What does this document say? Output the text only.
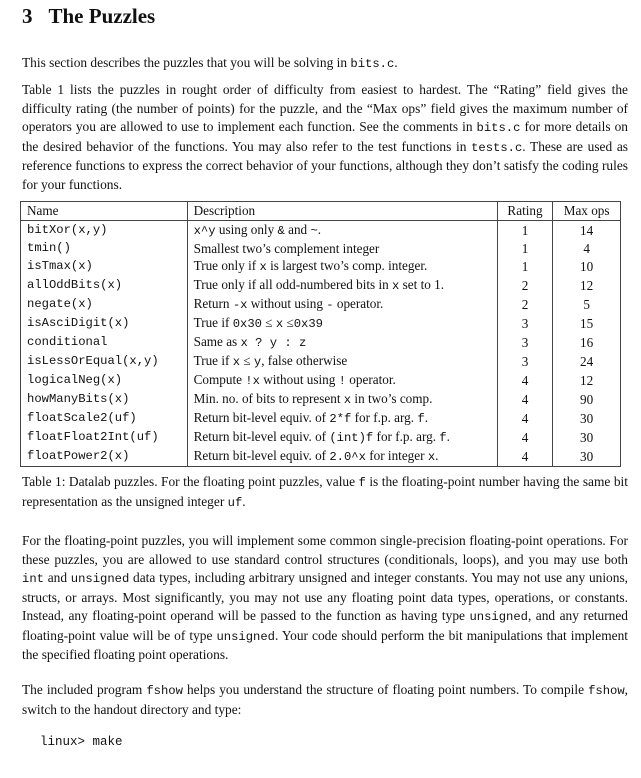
3 The Puzzles

This section describes the puzzles that you will be solving in bits.c.

Table 1 lists the puzzles in rought order of difficulty from easiest to hardest. The “Rating” field gives the difficulty rating (the number of points) for the puzzle, and the “Max ops” field gives the maximum number of operators you are allowed to use to implement each function. See the comments in bits.c for more details on the desired behavior of the functions. You may also refer to the test functions in tests.c. These are used as reference functions to express the correct behavior of your functions, although they don’t satisfy the coding rules for your functions.

Name	Description	Rating	Max ops
bitXor(x,y)	x^y using only & and ~.	1	14
tmin()	Smallest two’s complement integer	1	4
isTmax(x)	True only if x is largest two’s comp. integer.	1	10
allOddBits(x)	True only if all odd-numbered bits in x set to 1.	2	12
negate(x)	Return -x without using - operator.	2	5
isAsciDigit(x)	True if 0x30 ≤ x ≤0x39	3	15
conditional	Same as x ? y : z	3	16
isLessOrEqual(x,y)	True if x ≤ y, false otherwise	3	24
logicalNeg(x)	Compute !x without using ! operator.	4	12
howManyBits(x)	Min. no. of bits to represent x in two’s comp.	4	90
floatScale2(uf)	Return bit-level equiv. of 2*f for f.p. arg. f.	4	30
floatFloat2Int(uf)	Return bit-level equiv. of (int)f for f.p. arg. f.	4	30
floatPower2(x)	Return bit-level equiv. of 2.0^x for integer x.	4	30

Table 1: Datalab puzzles. For the floating point puzzles, value f is the floating-point number having the same bit representation as the unsigned integer uf.

For the floating-point puzzles, you will implement some common single-precision floating-point operations. For these puzzles, you are allowed to use standard control structures (conditionals, loops), and you may use both int and unsigned data types, including arbitrary unsigned and integer constants. You may not use any unions, structs, or arrays. Most significantly, you may not use any floating point data types, operations, or constants. Instead, any floating-point operand will be passed to the function as having type unsigned, and any returned floating-point value will be of type unsigned. Your code should perform the bit manipulations that implement the specified floating point operations.

The included program fshow helps you understand the structure of floating point numbers. To compile fshow, switch to the handout directory and type:

linux> make
